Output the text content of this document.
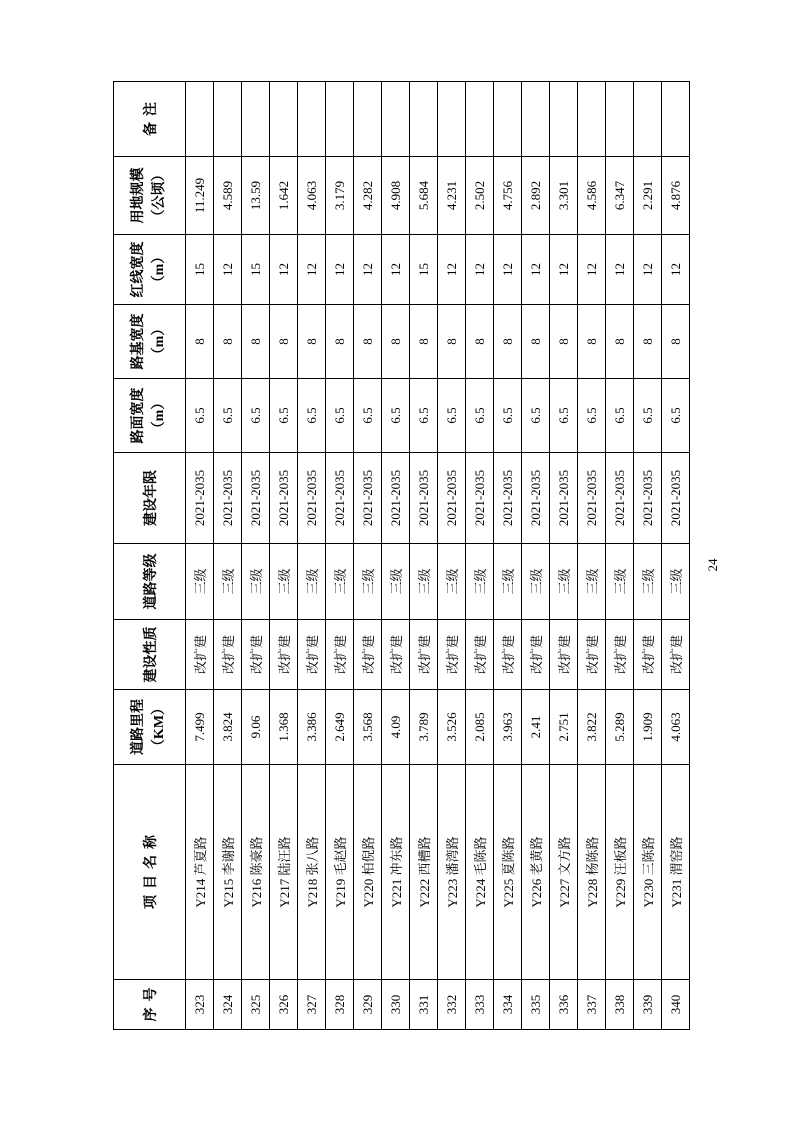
序号	项目名称	道路里程 （KM）	建设性质	道路等级	建设年限	路面宽度 （m）	路基宽度 （m）	红线宽度 （m）	用地规模 （公顷）	备注
323	Y214 芦夏路	7.499	改扩建	三级	2021-2035	6.5	8	15	11.249	
324	Y215 李谢路	3.824	改扩建	三级	2021-2035	6.5	8	12	4.589	
325	Y216 陈豪路	9.06	改扩建	三级	2021-2035	6.5	8	15	13.59	
326	Y217 陆汪路	1.368	改扩建	三级	2021-2035	6.5	8	12	1.642	
327	Y218 张八路	3.386	改扩建	三级	2021-2035	6.5	8	12	4.063	
328	Y219 毛赵路	2.649	改扩建	三级	2021-2035	6.5	8	12	3.179	
329	Y220 柏倪路	3.568	改扩建	三级	2021-2035	6.5	8	12	4.282	
330	Y221 冲东路	4.09	改扩建	三级	2021-2035	6.5	8	12	4.908	
331	Y222 西槽路	3.789	改扩建	三级	2021-2035	6.5	8	15	5.684	
332	Y223 潘湾路	3.526	改扩建	三级	2021-2035	6.5	8	12	4.231	
333	Y224 毛陈路	2.085	改扩建	三级	2021-2035	6.5	8	12	2.502	
334	Y225 夏陈路	3.963	改扩建	三级	2021-2035	6.5	8	12	4.756	
335	Y226 老黄路	2.41	改扩建	三级	2021-2035	6.5	8	12	2.892	
336	Y227 文方路	2.751	改扩建	三级	2021-2035	6.5	8	12	3.301	
337	Y228 杨陈路	3.822	改扩建	三级	2021-2035	6.5	8	12	4.586	
338	Y229 汪板路	5.289	改扩建	三级	2021-2035	6.5	8	12	6.347	
339	Y230 三陈路	1.909	改扩建	三级	2021-2035	6.5	8	12	2.291	
340	Y231 渭窑路	4.063	改扩建	三级	2021-2035	6.5	8	12	4.876	
24
